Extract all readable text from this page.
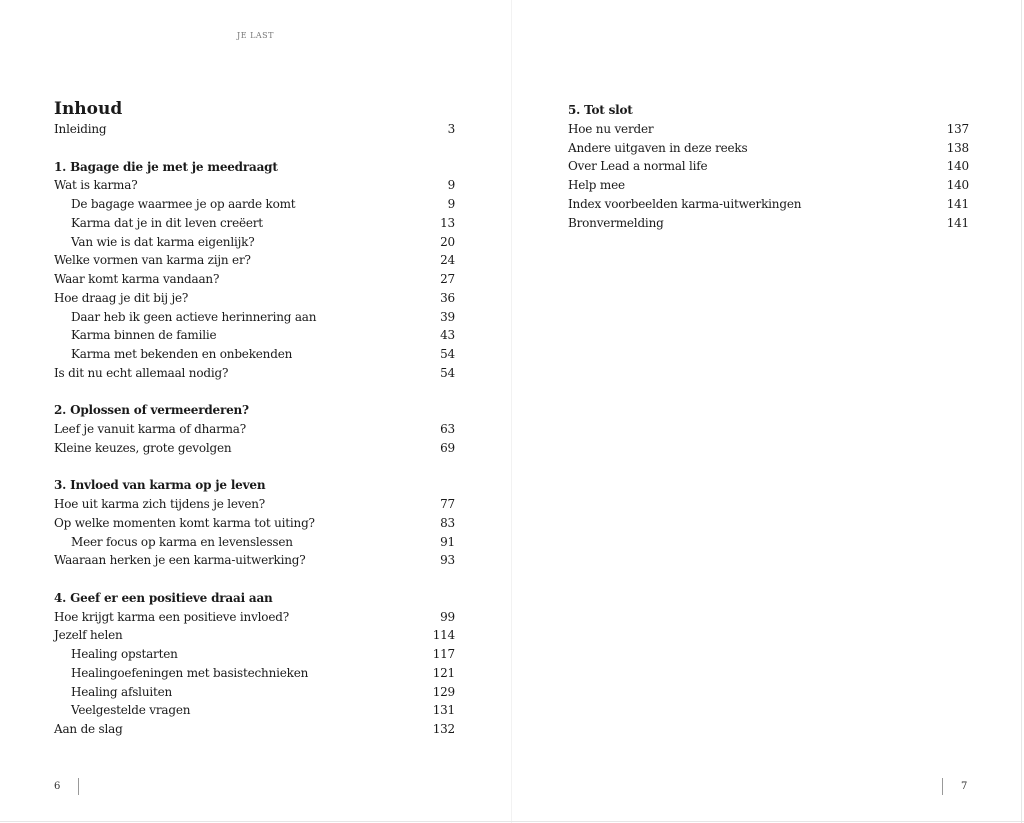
JE LAST
Inhoud
Inleiding	3
1. Bagage die je met je meedraagt
Wat is karma?	9
De bagage waarmee je op aarde komt	9
Karma dat je in dit leven creëert	13
Van wie is dat karma eigenlijk?	20
Welke vormen van karma zijn er?	24
Waar komt karma vandaan?	27
Hoe draag je dit bij je?	36
Daar heb ik geen actieve herinnering aan	39
Karma binnen de familie	43
Karma met bekenden en onbekenden	54
Is dit nu echt allemaal nodig?	54
2. Oplossen of vermeerderen?
Leef je vanuit karma of dharma?	63
Kleine keuzes, grote gevolgen	69
3. Invloed van karma op je leven
Hoe uit karma zich tijdens je leven?	77
Op welke momenten komt karma tot uiting?	83
Meer focus op karma en levenslessen	91
Waaraan herken je een karma-uitwerking?	93
4. Geef er een positieve draai aan
Hoe krijgt karma een positieve invloed?	99
Jezelf helen	114
Healing opstarten	117
Healingoefeningen met basistechnieken	121
Healing afsluiten	129
Veelgestelde vragen	131
Aan de slag	132
5. Tot slot
Hoe nu verder	137
Andere uitgaven in deze reeks	138
Over Lead a normal life	140
Help mee	140
Index voorbeelden karma-uitwerkingen	141
Bronvermelding	141
6	7
